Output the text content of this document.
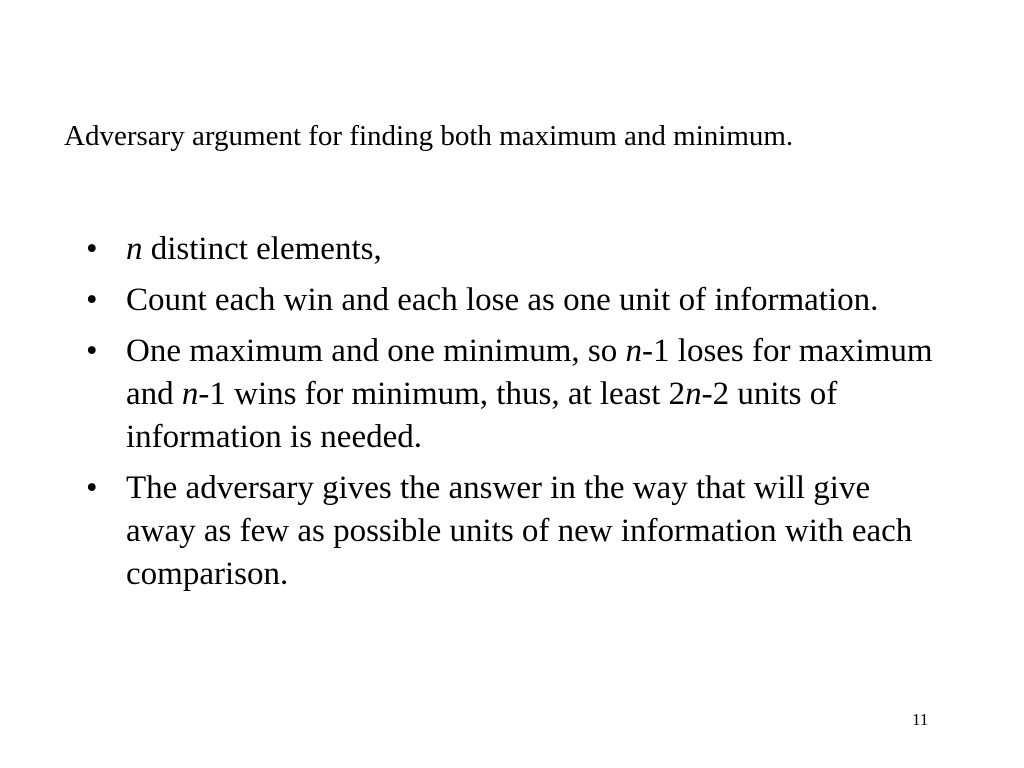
Adversary argument for finding both maximum and minimum.
• n distinct elements,
• Count each win and each lose as one unit of information.
• One maximum and one minimum, so n-1 loses for maximum and n-1 wins for minimum, thus, at least 2n-2 units of information is needed.
• The adversary gives the answer in the way that will give away as few as possible units of new information with each comparison.
11
